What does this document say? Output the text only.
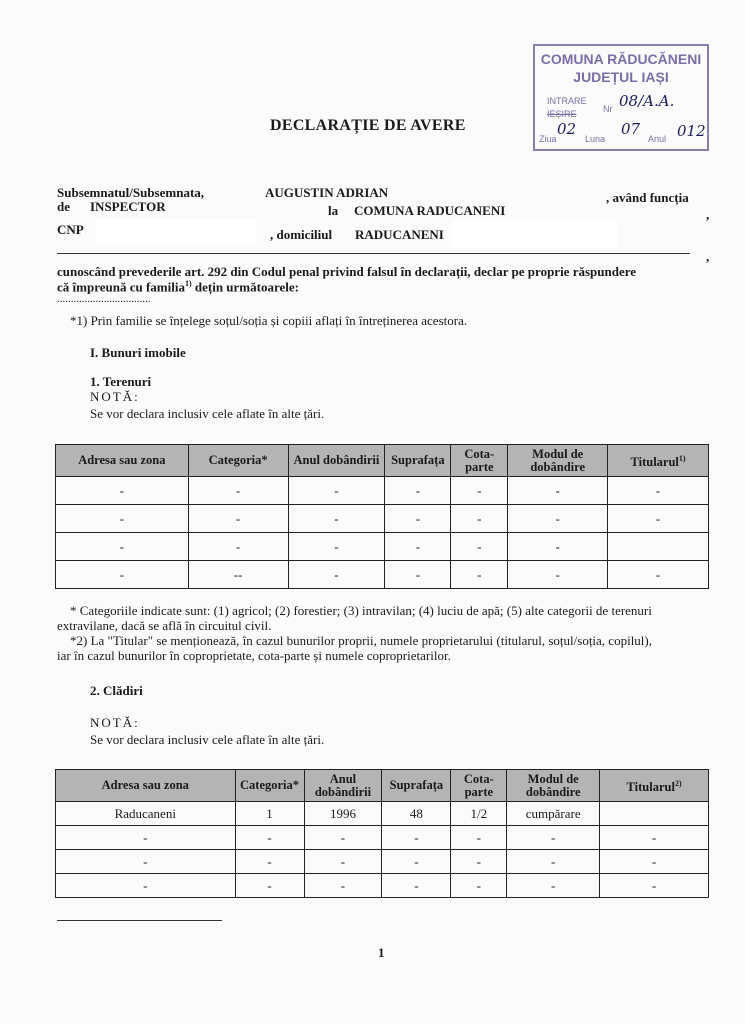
COMUNA RĂDUCĂNENI
JUDEȚUL IAȘI
INTRARE
IEȘIRE	Nr 08/A.A.
Ziua	Luna	Anul
02	07 012
DECLARAȚIE DE AVERE
Subsemnatul/Subsemnata,	AUGUSTIN ADRIAN	, având funcția
de INSPECTOR	la COMUNA RADUCANENI	,
CNP	, domiciliul RADUCANENI
,
cunoscând prevederile art. 292 din Codul penal privind falsul în declarații, declar pe proprie răspundere
că împreună cu familia$^{1)}$ dețin următoarele:
..................................
*1) Prin familie se înțelege soțul/soția și copiii aflați în întreținerea acestora.
I. Bunuri imobile
1. Terenuri
NOTĂ:
Se vor declara inclusiv cele aflate în alte țări.
Adresa sau zona	Categoria*	Anul dobândirii	Suprafața	Cota-parte	Modul de dobândire	Titularul$^{1)}$
-	-	-	-	-	-	-
-	-	-	-	-	-	-
-	-	-	-	-	-	
-	--	-	-	-	-	-
* Categoriile indicate sunt: (1) agricol; (2) forestier; (3) intravilan; (4) luciu de apă; (5) alte categorii de terenuri
extravilane, dacă se află în circuitul civil.
*2) La "Titular" se menționează, în cazul bunurilor proprii, numele proprietarului (titularul, soțul/soția, copilul),
iar în cazul bunurilor în coproprietate, cota-parte și numele coproprietarilor.
2. Clădiri
NOTĂ:
Se vor declara inclusiv cele aflate în alte țări.
Adresa sau zona	Categoria*	Anul dobândirii	Suprafața	Cota-parte	Modul de dobândire	Titularul$^{2)}$
Raducaneni	1	1996	48	1/2	cumpărare	
-	-	-	-	-	-	-
-	-	-	-	-	-	-
-	-	-	-	-	-	-
1
